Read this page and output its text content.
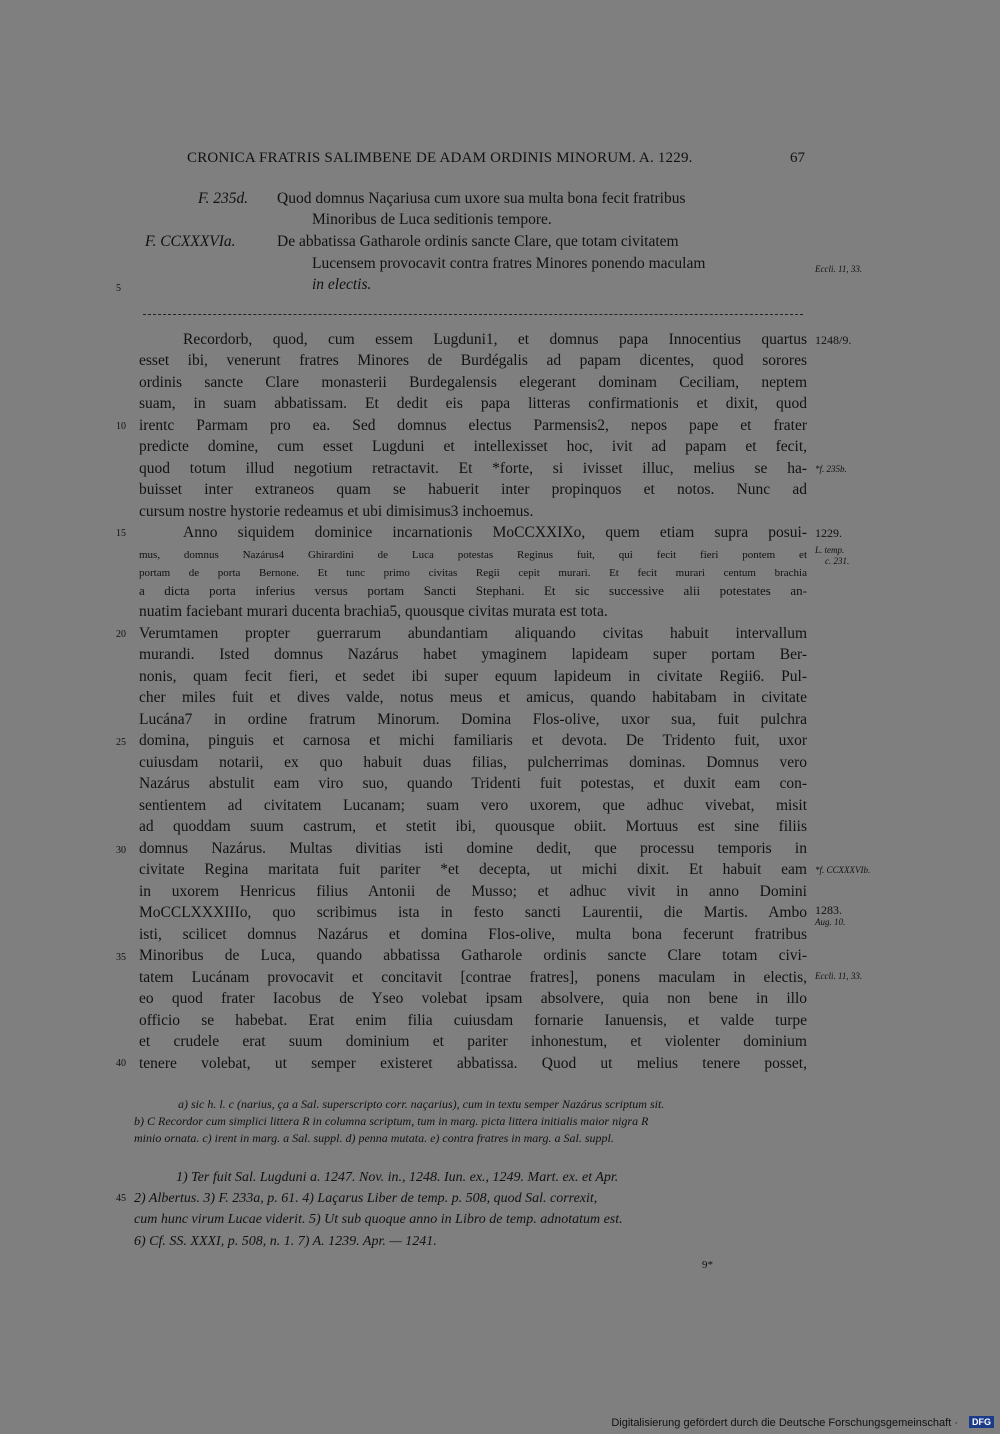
CRONICA FRATRIS SALIMBENE DE ADAM ORDINIS MINORUM. A. 1229.	67
F. 235d. Quod domnus Naçariusa cum uxore sua multa bona fecit fratribus
Minoribus de Luca seditionis tempore.
F. CCXXXVIa.	De abbatissa Gatharole ordinis sancte Clare, que totam civitatem
Lucensem provocavit contra fratres Minores ponendo maculam
in electis.
5
10
15
20
25
30
35
40
45
Eccli. 11, 33.
1248/9.
*f. 235b.
1229.
L. temp.
c. 231.
*f. CCXXXVIb.
1283.
Aug. 10.
Eccli. 11, 33.
Recordorb, quod, cum essem Lugduni1, et domnus papa Innocentius quartus
esset ibi, venerunt fratres Minores de Burdégalis ad papam dicentes, quod sorores
ordinis sancte Clare monasterii Burdegalensis elegerant dominam Ceciliam, neptem
suam, in suam abbatissam. Et dedit eis papa litteras confirmationis et dixit, quod
irentc Parmam pro ea. Sed domnus electus Parmensis2, nepos pape et frater
predicte domine, cum esset Lugduni et intellexisset hoc, ivit ad papam et fecit,
quod totum illud negotium retractavit. Et *forte, si ivisset illuc, melius se ha-
buisset inter extraneos quam se habuerit inter propinquos et notos. Nunc ad
cursum nostre hystorie redeamus et ubi dimisimus3 inchoemus.
Anno siquidem dominice incarnationis MoCCXXIXo, quem etiam supra posui-
mus, domnus Nazárus4 Ghirardini de Luca potestas Reginus fuit, qui fecit fieri pontem et
portam de porta Bernone. Et tunc primo civitas Regii cepit murari. Et fecit murari centum brachia
a dicta porta inferius versus portam Sancti Stephani. Et sic successive alii potestates an-
nuatim faciebant murari ducenta brachia5, quousque civitas murata est tota.
Verumtamen propter guerrarum abundantiam aliquando civitas habuit intervallum
murandi. Isted domnus Nazárus habet ymaginem lapideam super portam Ber-
nonis, quam fecit fieri, et sedet ibi super equum lapideum in civitate Regii6. Pul-
cher miles fuit et dives valde, notus meus et amicus, quando habitabam in civitate
Lucána7 in ordine fratrum Minorum. Domina Flos-olive, uxor sua, fuit pulchra
domina, pinguis et carnosa et michi familiaris et devota. De Tridento fuit, uxor
cuiusdam notarii, ex quo habuit duas filias, pulcherrimas dominas. Domnus vero
Nazárus abstulit eam viro suo, quando Tridenti fuit potestas, et duxit eam con-
sentientem ad civitatem Lucanam; suam vero uxorem, que adhuc vivebat, misit
ad quoddam suum castrum, et stetit ibi, quousque obiit. Mortuus est sine filiis
domnus Nazárus. Multas divitias isti domine dedit, que processu temporis in
civitate Regina maritata fuit pariter *et decepta, ut michi dixit. Et habuit eam
in uxorem Henricus filius Antonii de Musso; et adhuc vivit in anno Domini
MoCCLXXXIIIo, quo scribimus ista in festo sancti Laurentii, die Martis. Ambo
isti, scilicet domnus Nazárus et domina Flos-olive, multa bona fecerunt fratribus
Minoribus de Luca, quando abbatissa Gatharole ordinis sancte Clare totam civi-
tatem Lucánam provocavit et concitavit [contrae fratres], ponens maculam in electis,
eo quod frater Iacobus de Yseo volebat ipsam absolvere, quia non bene in illo
officio se habebat. Erat enim filia cuiusdam fornarie Ianuensis, et valde turpe
et crudele erat suum dominium et pariter inhonestum, et violenter dominium
tenere volebat, ut semper existeret abbatissa. Quod ut melius tenere posset,
a) sic h. l. c (narius, ça a Sal. superscripto corr. naçarius), cum in textu semper Nazárus scriptum sit.
b) C Recordor cum simplici littera R in columna scriptum, tum in marg. picta littera initialis maior nigra R
minio ornata. c) irent in marg. a Sal. suppl. d) penna mutata. e) contra fratres in marg. a Sal. suppl.
1) Ter fuit Sal. Lugduni a. 1247. Nov. in., 1248. Iun. ex., 1249. Mart. ex. et Apr.
2) Albertus. 3) F. 233a, p. 61. 4) Laçarus Liber de temp. p. 508, quod Sal. correxit,
cum hunc virum Lucae viderit. 5) Ut sub quoque anno in Libro de temp. adnotatum est.
6) Cf. SS. XXXI, p. 508, n. 1. 7) A. 1239. Apr. — 1241.
9*
Digitalisierung gefördert durch die Deutsche Forschungsgemeinschaft ·	DFG
